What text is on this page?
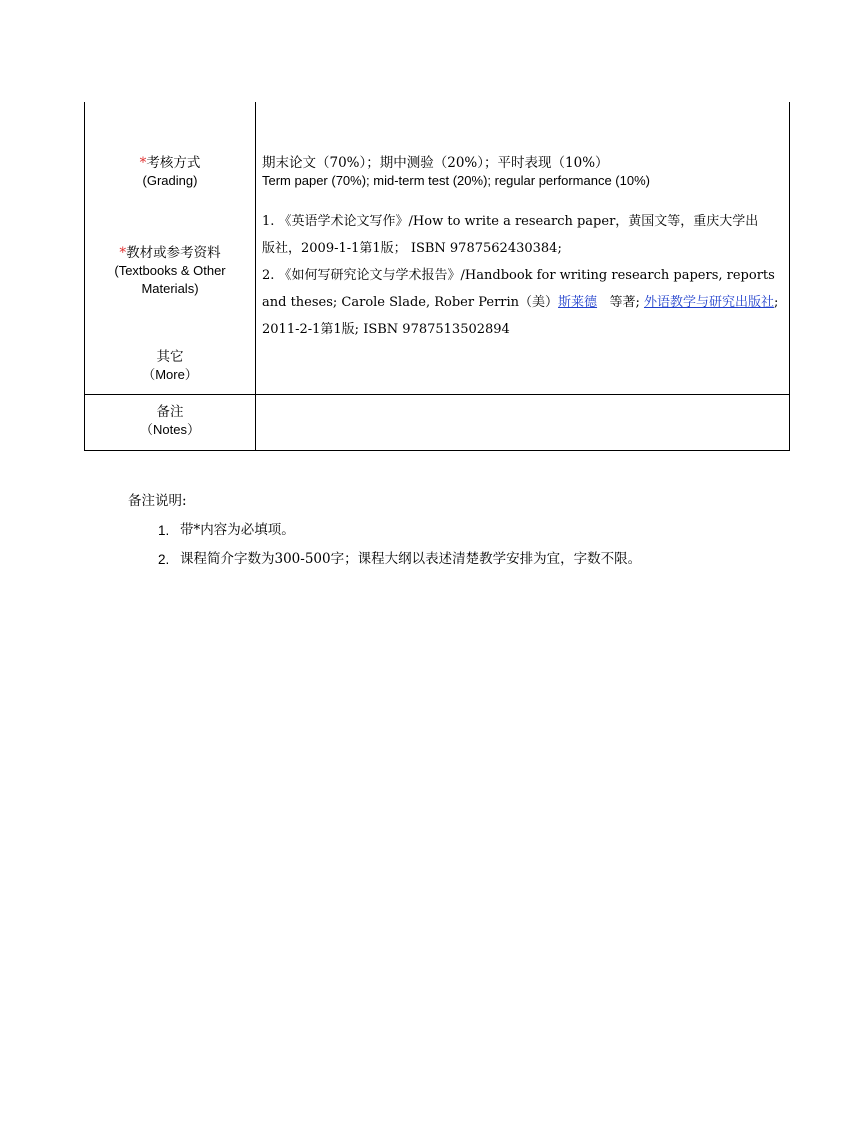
*考核方式
(Grading)
期末论文（70%）；期中测验（20%）；平时表现（10%）
Term paper (70%); mid-term test (20%); regular performance (10%)
*教材或参考资料
(Textbooks & Other
Materials)
1. 《英语学术论文写作》/How to write a research paper，黄国文等，重庆大学出
版社，2009-1-1第1版； ISBN 9787562430384;
2. 《如何写研究论文与学术报告》/Handbook for writing research papers, reports
and theses; Carole Slade, Rober Perrin（美）斯莱德   等著; 外语教学与研究出版社;
2011-2-1第1版; ISBN 9787513502894
其它
（More）
备注
（Notes）
备注说明:
1. 带*内容为必填项。
2. 课程简介字数为300-500字；课程大纲以表述清楚教学安排为宜，字数不限。
